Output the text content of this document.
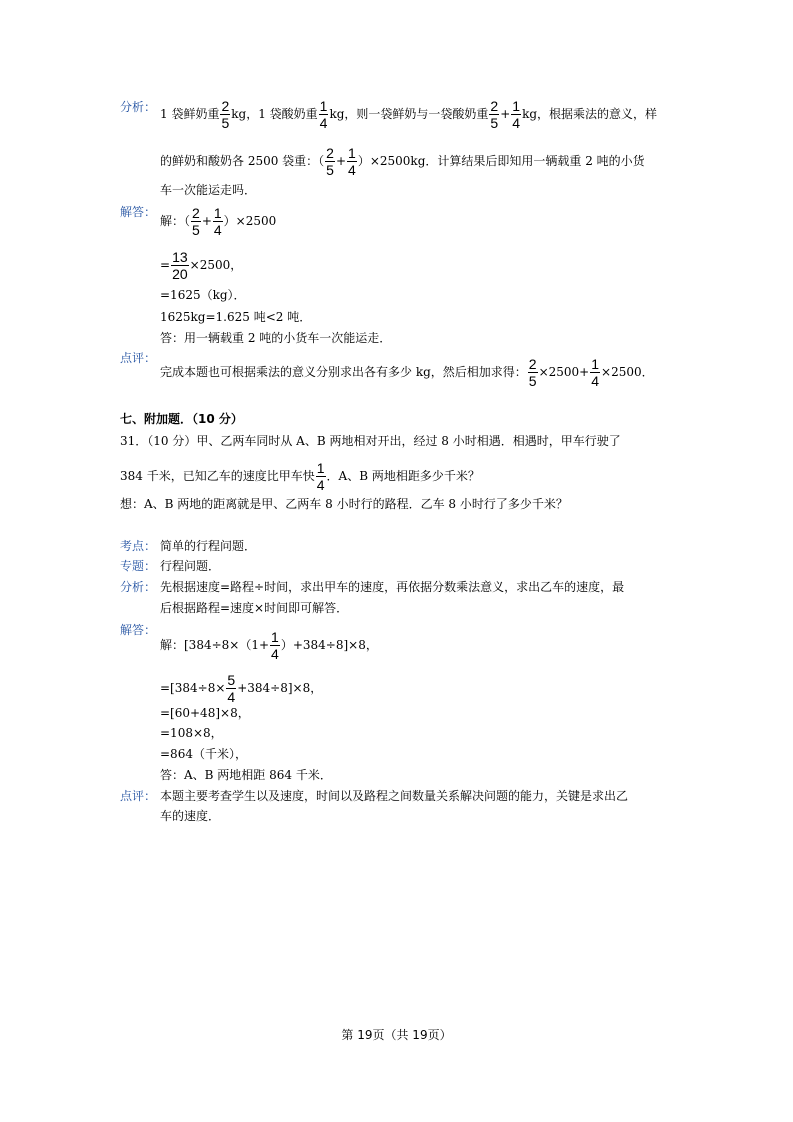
分析： 1 袋鲜奶重 $\frac{2}{5}$ kg，1 袋酸奶重 $\frac{1}{4}$ kg，则一袋鲜奶与一袋酸奶重 $\frac{2}{5} + \frac{1}{4}$ kg，根据乘法的意义，样
的鲜奶和酸奶各 2500 袋重：（ $\frac{2}{5} + \frac{1}{4} )\times 2500kg$．计算结果后即知用一辆载重 2 吨的小货
车一次能运走吗．
解答：
解：（ $\frac{2}{5} + \frac{1}{4} )\times 2500$
= $\frac{13}{20} \times 2500$，
=1625（kg）．
1625kg=1.625 吨<2 吨．
答：用一辆载重 2 吨的小货车一次能运走．
点评：
完成本题也可根据乘法的意义分别求出各有多少 kg，然后相加求得： $\frac{2}{5} \times 2500+ \frac{1}{4} \times 2500$．
七、附加题．（10 分）
31．（10 分）甲、乙两车同时从 A、B 两地相对开出，经过 8 小时相遇．相遇时，甲车行驶了
384 千米，已知乙车的速度比甲车快 $\frac{1}{4}$ ．A、B 两地相距多少千米？
想：A、B 两地的距离就是甲、乙两车 8 小时行的路程．乙车 8 小时行了多少千米？
考点： 简单的行程问题．
专题： 行程问题．
分析： 先根据速度=路程÷时间，求出甲车的速度，再依据分数乘法意义，求出乙车的速度，最
后根据路程=速度×时间即可解答．
解答：
解：$[384\div 8\times(1+ \frac{1}{4} )+384\div 8]\times 8$，
$=[384\div 8\times \frac{5}{4} +384\div 8]\times 8$，
=[60+48]×8，
=108×8，
=864（千米），
答：A、B 两地相距 864 千米．
点评： 本题主要考查学生以及速度，时间以及路程之间数量关系解决问题的能力，关键是求出乙
车的速度．
第 19页（共 19页）
